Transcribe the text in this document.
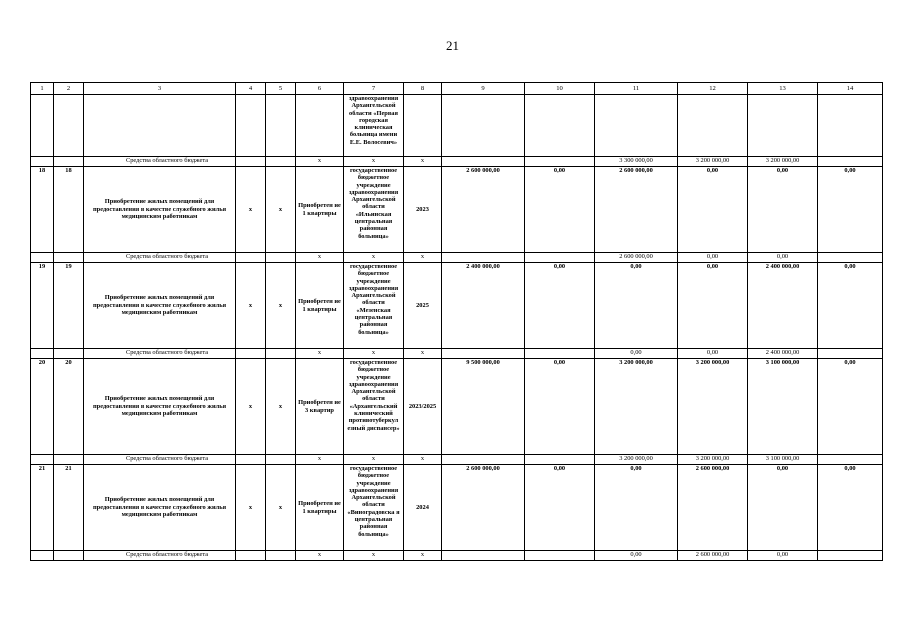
21
1	2	3	4	5	6	7	8	9	10	11	12	13	14
						здравоохранения Архангельской области «Первая городская клиническая больница имени Е.Е. Волосевич»							
		Средства областного бюджета			x	x	x			3 300 000,00	3 200 000,00	3 200 000,00	
18	18	Приобретение жилых помещений для предоставления в качестве служебного жилья медицинским работникам	x	x	Приобретен ие 1 квартиры	государственное бюджетное учреждение здравоохранения Архангельской области «Ильинская центральная районная больница»	2023	2 600 000,00	0,00	2 600 000,00	0,00	0,00	0,00
		Средства областного бюджета			x	x	x			2 600 000,00	0,00	0,00	
19	19	Приобретение жилых помещений для предоставления в качестве служебного жилья медицинским работникам	x	x	Приобретен ие 1 квартиры	государственное бюджетное учреждение здравоохранения Архангельской области «Мезенская центральная районная больница»	2025	2 400 000,00	0,00	0,00	0,00	2 400 000,00	0,00
		Средства областного бюджета			x	x	x			0,00	0,00	2 400 000,00	
20	20	Приобретение жилых помещений для предоставления в качестве служебного жилья медицинским работникам	x	x	Приобретен ие 3 квартир	государственное бюджетное учреждение здравоохранения Архангельской области «Архангельский клинический противотуберкул езный диспансер»	2023/2025	9 500 000,00	0,00	3 200 000,00	3 200 000,00	3 100 000,00	0,00
		Средства областного бюджета			x	x	x			3 200 000,00	3 200 000,00	3 100 000,00	
21	21	Приобретение жилых помещений для предоставления в качестве служебного жилья медицинским работникам	x	x	Приобретен ие 1 квартиры	государственное бюджетное учреждение здравоохранения Архангельской области «Виноградовска я центральная районная больница»	2024	2 600 000,00	0,00	0,00	2 600 000,00	0,00	0,00
		Средства областного бюджета			x	x	x			0,00	2 600 000,00	0,00	
